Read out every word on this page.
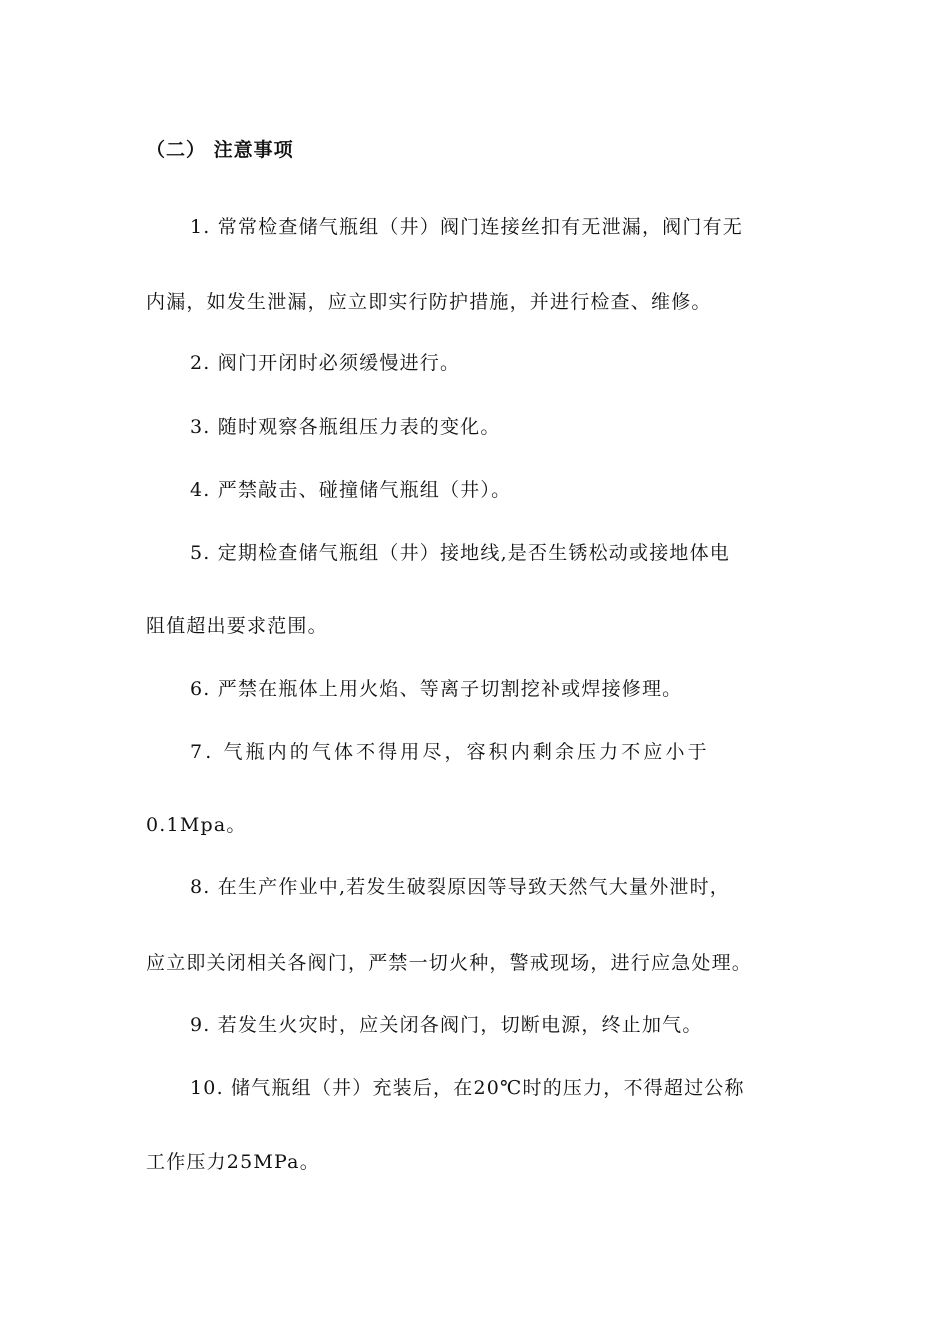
（二） 注意事项
1. 常常检查储气瓶组（井）阀门连接丝扣有无泄漏，阀门有无
内漏，如发生泄漏，应立即实行防护措施，并进行检查、维修。
2. 阀门开闭时必须缓慢进行。
3. 随时观察各瓶组压力表的变化。
4. 严禁敲击、碰撞储气瓶组（井）。
5. 定期检查储气瓶组（井）接地线,是否生锈松动或接地体电
阻值超出要求范围。
6. 严禁在瓶体上用火焰、等离子切割挖补或焊接修理。
7. 气瓶内的气体不得用尽，容积内剩余压力不应小于
0.1Mpa。
8. 在生产作业中,若发生破裂原因等导致天然气大量外泄时，
应立即关闭相关各阀门，严禁一切火种，警戒现场，进行应急处理。
9. 若发生火灾时，应关闭各阀门，切断电源，终止加气。
10. 储气瓶组（井）充装后，在20℃时的压力，不得超过公称
工作压力25MPa。
